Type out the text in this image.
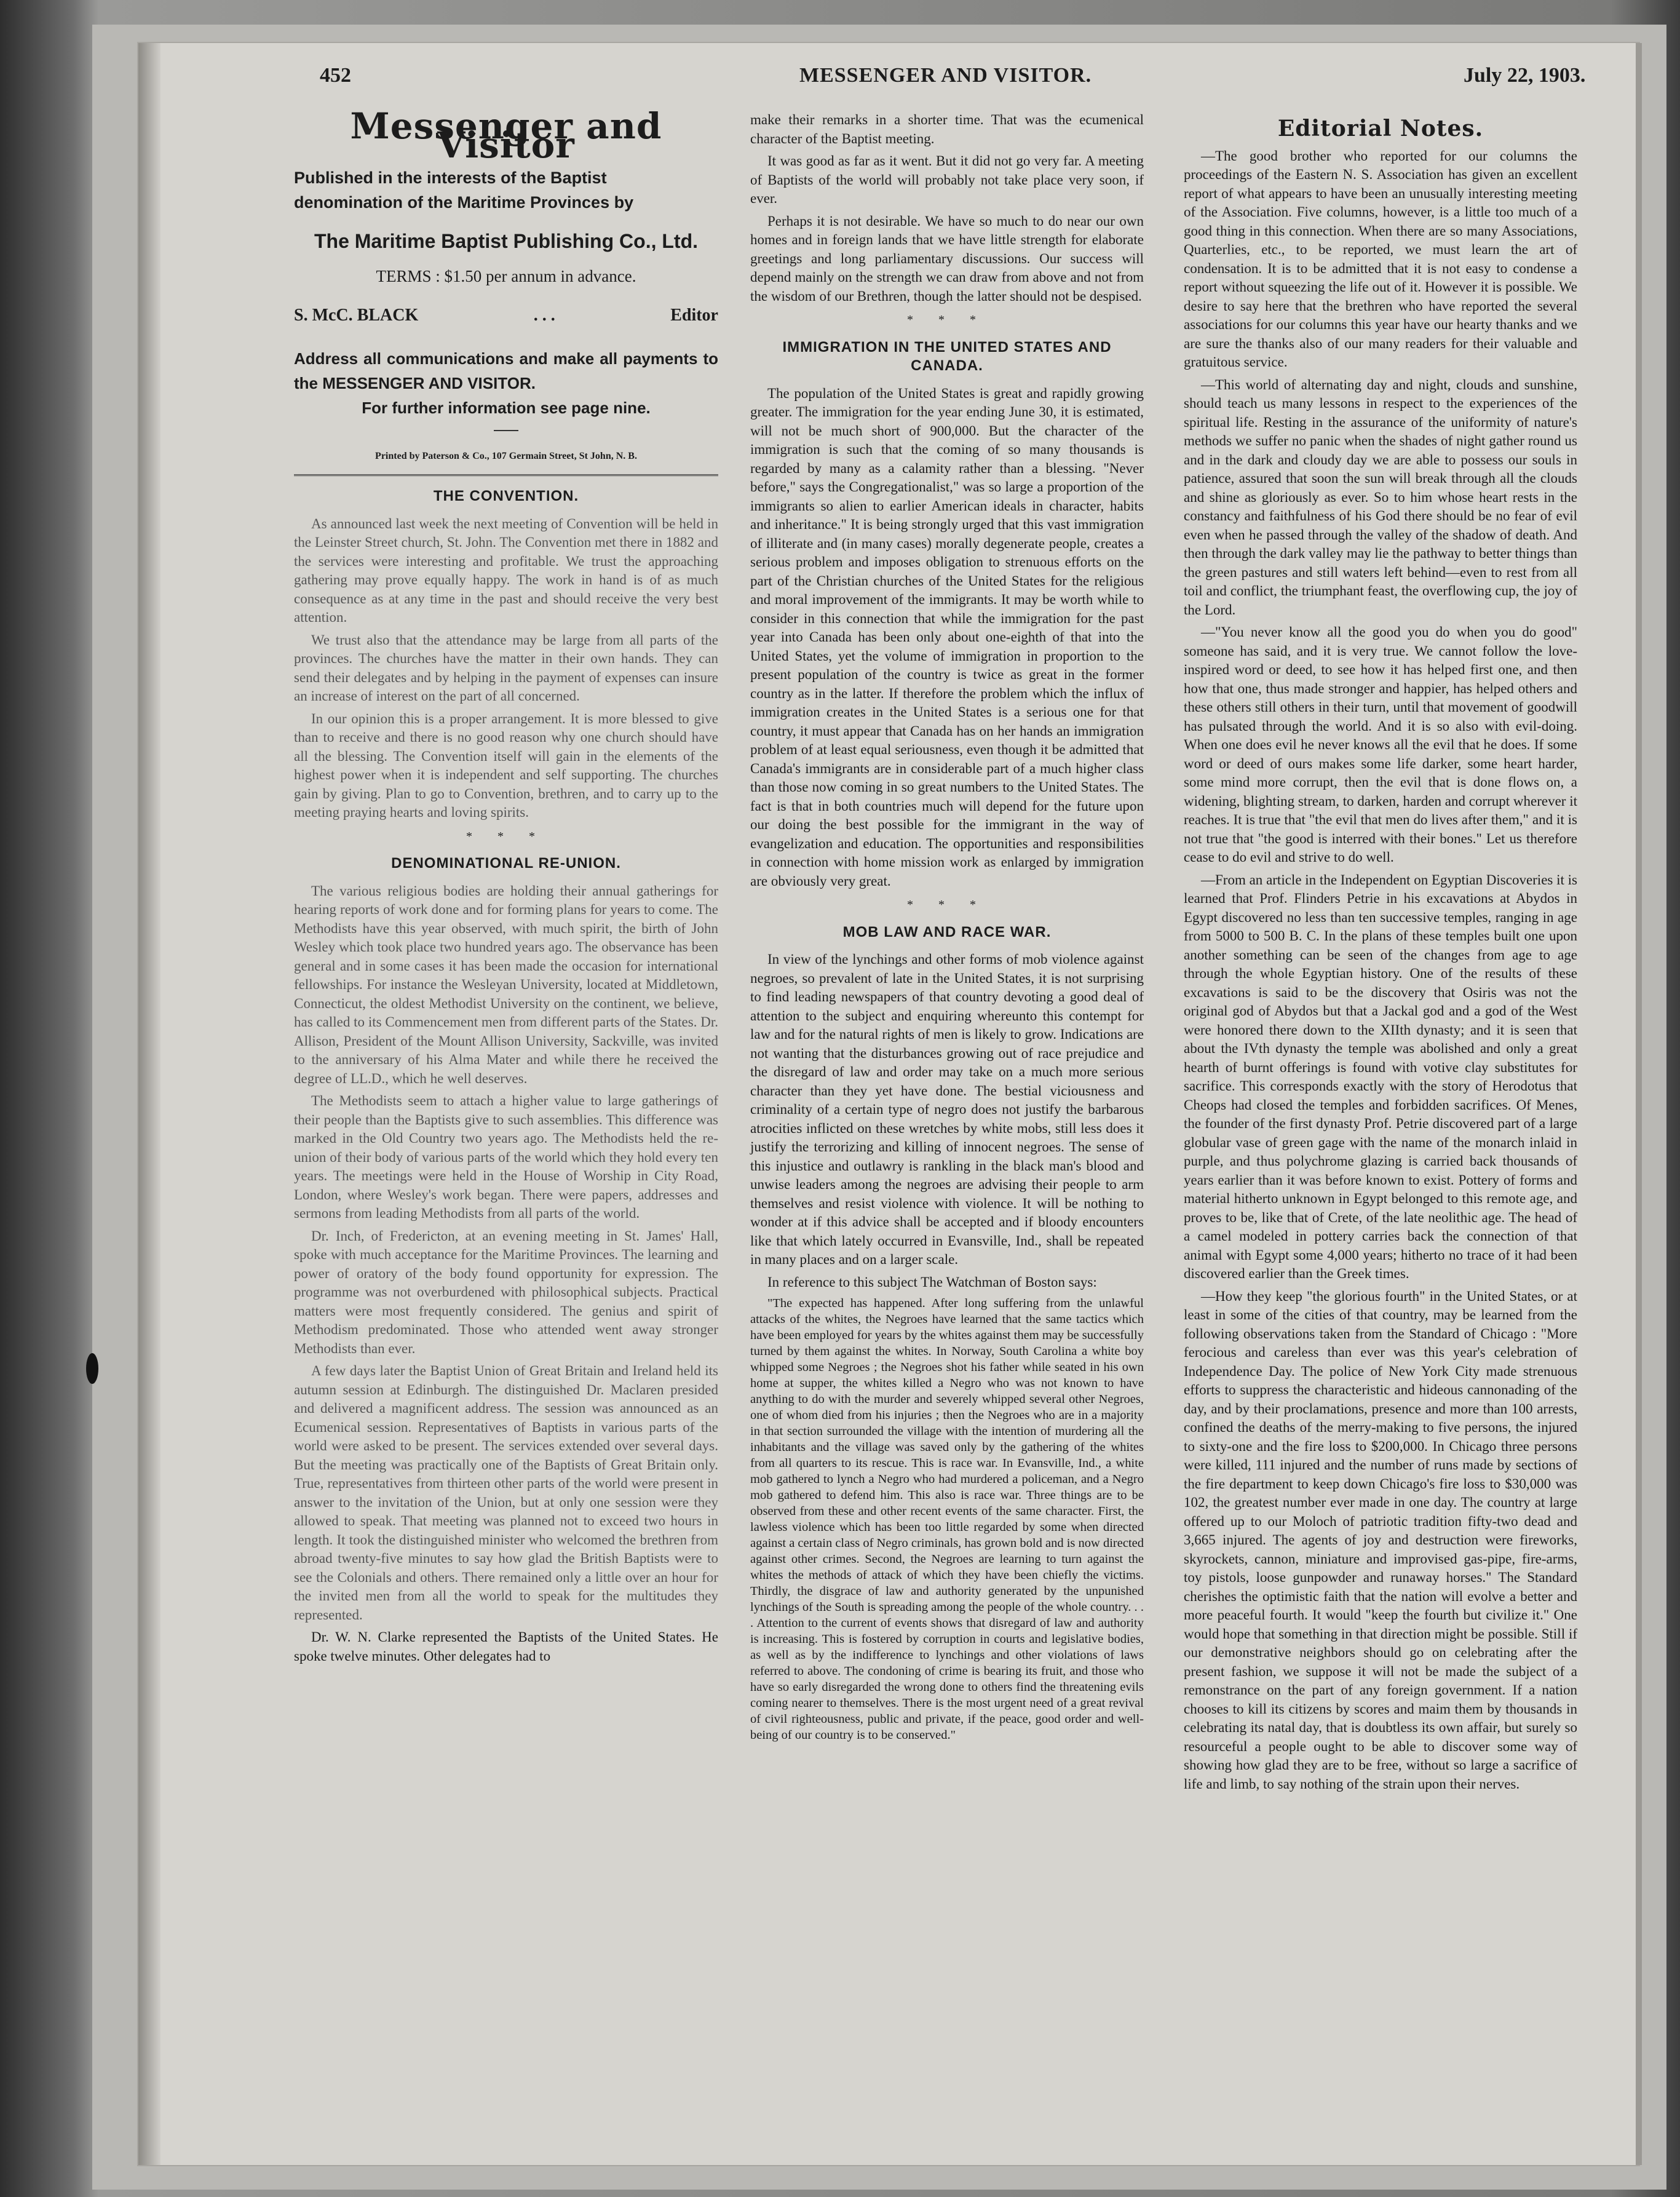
452	MESSENGER AND VISITOR.	July 22, 1903.
Messenger and Visitor
Published in the interests of the Baptist denomination of the Maritime Provinces by
The Maritime Baptist Publishing Co., Ltd.
TERMS : $1.50 per annum in advance.
S. McC. BLACK	. . .	Editor
Address all communications and make all payments to the MESSENGER AND VISITOR.
For further information see page nine.
Printed by Paterson & Co., 107 Germain Street, St John, N. B.
THE CONVENTION.

As announced last week the next meeting of Convention will be held in the Leinster Street church, St. John. The Convention met there in 1882 and the services were interesting and profitable. We trust the approaching gathering may prove equally happy. The work in hand is of as much consequence as at any time in the past and should receive the very best attention.

We trust also that the attendance may be large from all parts of the provinces. The churches have the matter in their own hands. They can send their delegates and by helping in the payment of expenses can insure an increase of interest on the part of all concerned.

In our opinion this is a proper arrangement. It is more blessed to give than to receive and there is no good reason why one church should have all the blessing. The Convention itself will gain in the elements of the highest power when it is independent and self supporting. The churches gain by giving. Plan to go to Convention, brethren, and to carry up to the meeting praying hearts and loving spirits.

* * *
DENOMINATIONAL RE-UNION.

The various religious bodies are holding their annual gatherings for hearing reports of work done and for forming plans for years to come. The Methodists have this year observed, with much spirit, the birth of John Wesley which took place two hundred years ago. The observance has been general and in some cases it has been made the occasion for international fellowships. For instance the Wesleyan University, located at Middletown, Connecticut, the oldest Methodist University on the continent, we believe, has called to its Commencement men from different parts of the States. Dr. Allison, President of the Mount Allison University, Sackville, was invited to the anniversary of his Alma Mater and while there he received the degree of LL.D., which he well deserves.

The Methodists seem to attach a higher value to large gatherings of their people than the Baptists give to such assemblies. This difference was marked in the Old Country two years ago. The Methodists held the re-union of their body of various parts of the world which they hold every ten years. The meetings were held in the House of Worship in City Road, London, where Wesley's work began. There were papers, addresses and sermons from leading Methodists from all parts of the world.

Dr. Inch, of Fredericton, at an evening meeting in St. James' Hall, spoke with much acceptance for the Maritime Provinces. The learning and power of oratory of the body found opportunity for expression. The programme was not overburdened with philosophical subjects. Practical matters were most frequently considered. The genius and spirit of Methodism predominated. Those who attended went away stronger Methodists than ever.

A few days later the Baptist Union of Great Britain and Ireland held its autumn session at Edinburgh. The distinguished Dr. Maclaren presided and delivered a magnificent address. The session was announced as an Ecumenical session. Representatives of Baptists in various parts of the world were asked to be present. The services extended over several days. But the meeting was practically one of the Baptists of Great Britain only. True, representatives from thirteen other parts of the world were present in answer to the invitation of the Union, but at only one session were they allowed to speak. That meeting was planned not to exceed two hours in length. It took the distinguished minister who welcomed the brethren from abroad twenty-five minutes to say how glad the British Baptists were to see the Colonials and others. There remained only a little over an hour for the invited men from all the world to speak for the multitudes they represented.

Dr. W. N. Clarke represented the Baptists of the United States. He spoke twelve minutes. Other delegates had to

make their remarks in a shorter time. That was the ecumenical character of the Baptist meeting.

It was good as far as it went. But it did not go very far. A meeting of Baptists of the world will probably not take place very soon, if ever.

Perhaps it is not desirable. We have so much to do near our own homes and in foreign lands that we have little strength for elaborate greetings and long parliamentary discussions. Our success will depend mainly on the strength we can draw from above and not from the wisdom of our Brethren, though the latter should not be despised.

* * *
IMMIGRATION IN THE UNITED STATES AND CANADA.

The population of the United States is great and rapidly growing greater. The immigration for the year ending June 30, it is estimated, will not be much short of 900,000. But the character of the immigration is such that the coming of so many thousands is regarded by many as a calamity rather than a blessing. "Never before," says the Congregationalist," was so large a proportion of the immigrants so alien to earlier American ideals in character, habits and inheritance." It is being strongly urged that this vast immigration of illiterate and (in many cases) morally degenerate people, creates a serious problem and imposes obligation to strenuous efforts on the part of the Christian churches of the United States for the religious and moral improvement of the immigrants. It may be worth while to consider in this connection that while the immigration for the past year into Canada has been only about one-eighth of that into the United States, yet the volume of immigration in proportion to the present population of the country is twice as great in the former country as in the latter. If therefore the problem which the influx of immigration creates in the United States is a serious one for that country, it must appear that Canada has on her hands an immigration problem of at least equal seriousness, even though it be admitted that Canada's immigrants are in considerable part of a much higher class than those now coming in so great numbers to the United States. The fact is that in both countries much will depend for the future upon our doing the best possible for the immigrant in the way of evangelization and education. The opportunities and responsibilities in connection with home mission work as enlarged by immigration are obviously very great.

* * *
MOB LAW AND RACE WAR.

In view of the lynchings and other forms of mob violence against negroes, so prevalent of late in the United States, it is not surprising to find leading newspapers of that country devoting a good deal of attention to the subject and enquiring whereunto this contempt for law and for the natural rights of men is likely to grow. Indications are not wanting that the disturbances growing out of race prejudice and the disregard of law and order may take on a much more serious character than they yet have done. The bestial viciousness and criminality of a certain type of negro does not justify the barbarous atrocities inflicted on these wretches by white mobs, still less does it justify the terrorizing and killing of innocent negroes. The sense of this injustice and outlawry is rankling in the black man's blood and unwise leaders among the negroes are advising their people to arm themselves and resist violence with violence. It will be nothing to wonder at if this advice shall be accepted and if bloody encounters like that which lately occurred in Evansville, Ind., shall be repeated in many places and on a larger scale.

In reference to this subject The Watchman of Boston says:

"The expected has happened. After long suffering from the unlawful attacks of the whites, the Negroes have learned that the same tactics which have been employed for years by the whites against them may be successfully turned by them against the whites. In Norway, South Carolina a white boy whipped some Negroes ; the Negroes shot his father while seated in his own home at supper, the whites killed a Negro who was not known to have anything to do with the murder and severely whipped several other Negroes, one of whom died from his injuries ; then the Negroes who are in a majority in that section surrounded the village with the intention of murdering all the inhabitants and the village was saved only by the gathering of the whites from all quarters to its rescue. This is race war. In Evansville, Ind., a white mob gathered to lynch a Negro who had murdered a policeman, and a Negro mob gathered to defend him. This also is race war. Three things are to be observed from these and other recent events of the same character. First, the lawless violence which has been too little regarded by some when directed against a certain class of Negro criminals, has grown bold and is now directed against other crimes. Second, the Negroes are learning to turn against the whites the methods of attack of which they have been chiefly the victims. Thirdly, the disgrace of law and authority generated by the unpunished lynchings of the South is spreading among the people of the whole country. . . . Attention to the current of events shows that disregard of law and authority is increasing. This is fostered by corruption in courts and legislative bodies, as well as by the indifference to lynchings and other violations of laws referred to above. The condoning of crime is bearing its fruit, and those who have so early disregarded the wrong done to others find the threatening evils coming nearer to themselves. There is the most urgent need of a great revival of civil righteousness, public and private, if the peace, good order and well-being of our country is to be conserved."

Editorial Notes.

—The good brother who reported for our columns the proceedings of the Eastern N. S. Association has given an excellent report of what appears to have been an unusually interesting meeting of the Association. Five columns, however, is a little too much of a good thing in this connection. When there are so many Associations, Quarterlies, etc., to be reported, we must learn the art of condensation. It is to be admitted that it is not easy to condense a report without squeezing the life out of it. However it is possible. We desire to say here that the brethren who have reported the several associations for our columns this year have our hearty thanks and we are sure the thanks also of our many readers for their valuable and gratuitous service.

—This world of alternating day and night, clouds and sunshine, should teach us many lessons in respect to the experiences of the spiritual life. Resting in the assurance of the uniformity of nature's methods we suffer no panic when the shades of night gather round us and in the dark and cloudy day we are able to possess our souls in patience, assured that soon the sun will break through all the clouds and shine as gloriously as ever. So to him whose heart rests in the constancy and faithfulness of his God there should be no fear of evil even when he passed through the valley of the shadow of death. And then through the dark valley may lie the pathway to better things than the green pastures and still waters left behind—even to rest from all toil and conflict, the triumphant feast, the overflowing cup, the joy of the Lord.

—"You never know all the good you do when you do good" someone has said, and it is very true. We cannot follow the love-inspired word or deed, to see how it has helped first one, and then how that one, thus made stronger and happier, has helped others and these others still others in their turn, until that movement of goodwill has pulsated through the world. And it is so also with evil-doing. When one does evil he never knows all the evil that he does. If some word or deed of ours makes some life darker, some heart harder, some mind more corrupt, then the evil that is done flows on, a widening, blighting stream, to darken, harden and corrupt wherever it reaches. It is true that "the evil that men do lives after them," and it is not true that "the good is interred with their bones." Let us therefore cease to do evil and strive to do well.

—From an article in the Independent on Egyptian Discoveries it is learned that Prof. Flinders Petrie in his excavations at Abydos in Egypt discovered no less than ten successive temples, ranging in age from 5000 to 500 B. C. In the plans of these temples built one upon another something can be seen of the changes from age to age through the whole Egyptian history. One of the results of these excavations is said to be the discovery that Osiris was not the original god of Abydos but that a Jackal god and a god of the West were honored there down to the XIIth dynasty; and it is seen that about the IVth dynasty the temple was abolished and only a great hearth of burnt offerings is found with votive clay substitutes for sacrifice. This corresponds exactly with the story of Herodotus that Cheops had closed the temples and forbidden sacrifices. Of Menes, the founder of the first dynasty Prof. Petrie discovered part of a large globular vase of green gage with the name of the monarch inlaid in purple, and thus polychrome glazing is carried back thousands of years earlier than it was before known to exist. Pottery of forms and material hitherto unknown in Egypt belonged to this remote age, and proves to be, like that of Crete, of the late neolithic age. The head of a camel modeled in pottery carries back the connection of that animal with Egypt some 4,000 years; hitherto no trace of it had been discovered earlier than the Greek times.

—How they keep "the glorious fourth" in the United States, or at least in some of the cities of that country, may be learned from the following observations taken from the Standard of Chicago : "More ferocious and careless than ever was this year's celebration of Independence Day. The police of New York City made strenuous efforts to suppress the characteristic and hideous cannonading of the day, and by their proclamations, presence and more than 100 arrests, confined the deaths of the merry-making to five persons, the injured to sixty-one and the fire loss to $200,000. In Chicago three persons were killed, 111 injured and the number of runs made by sections of the fire department to keep down Chicago's fire loss to $30,000 was 102, the greatest number ever made in one day. The country at large offered up to our Moloch of patriotic tradition fifty-two dead and 3,665 injured. The agents of joy and destruction were fireworks, skyrockets, cannon, miniature and improvised gas-pipe, fire-arms, toy pistols, loose gunpowder and runaway horses." The Standard cherishes the optimistic faith that the nation will evolve a better and more peaceful fourth. It would "keep the fourth but civilize it." One would hope that something in that direction might be possible. Still if our demonstrative neighbors should go on celebrating after the present fashion, we suppose it will not be made the subject of a remonstrance on the part of any foreign government. If a nation chooses to kill its citizens by scores and maim them by thousands in celebrating its natal day, that is doubtless its own affair, but surely so resourceful a people ought to be able to discover some way of showing how glad they are to be free, without so large a sacrifice of life and limb, to say nothing of the strain upon their nerves.
